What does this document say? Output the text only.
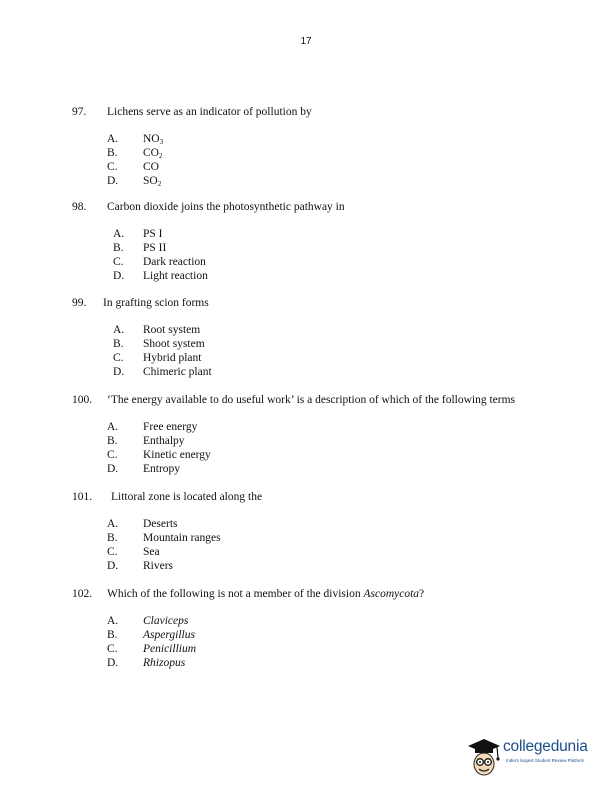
17
97. Lichens serve as an indicator of pollution by
A. $NO_3$
B. $CO_2$
C. CO
D. $SO_2$
98. Carbon dioxide joins the photosynthetic pathway in
A. PS I
B. PS II
C. Dark reaction
D. Light reaction
99. In grafting scion forms
A. Root system
B. Shoot system
C. Hybrid plant
D. Chimeric plant
100. ‘The energy available to do useful work’ is a description of which of the following terms
A. Free energy
B. Enthalpy
C. Kinetic energy
D. Entropy
101. Littoral zone is located along the
A. Deserts
B. Mountain ranges
C. Sea
D. Rivers
102. Which of the following is not a member of the division Ascomycota?
A. Claviceps
B. Aspergillus
C. Penicillium
D. Rhizopus
collegedunia
India's largest Student Review Platform
